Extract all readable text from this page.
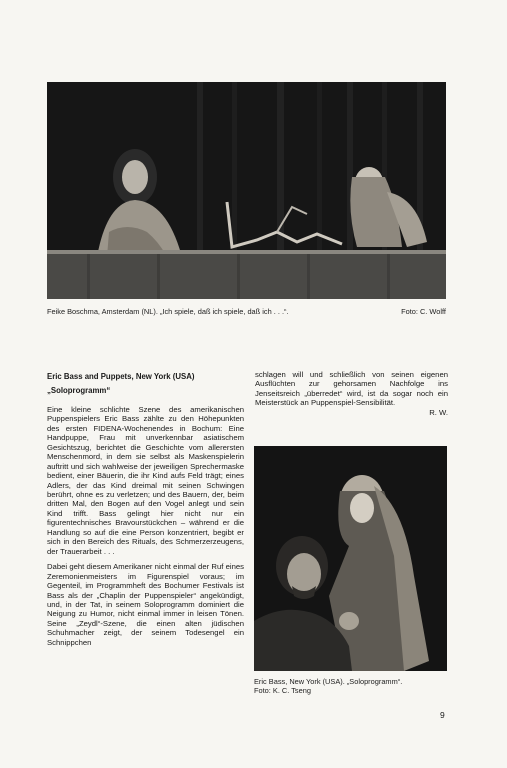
Feike Boschma, Amsterdam (NL). „Ich spiele, daß ich spiele, daß ich . . .“.	Foto: C. Wolff
Eric Bass and Puppets, New York (USA)
„Soloprogramm“

Eine kleine schlichte Szene des amerikanischen Puppenspielers Eric Bass zählte zu den Höhepunkten des ersten FIDENA-Wochenendes in Bochum: Eine Handpuppe, Frau mit unverkennbar asiatischem Gesichtszug, berichtet die Geschichte vom allerersten Menschenmord, in dem sie selbst als Maskenspielerin auftritt und sich wahlweise der jeweiligen Sprechermaske bedient, einer Bäuerin, die ihr Kind aufs Feld trägt; eines Adlers, der das Kind dreimal mit seinen Schwingen berührt, ohne es zu verletzen; und des Bauern, der, beim dritten Mal, den Bogen auf den Vogel anlegt und sein Kind trifft. Bass gelingt hier nicht nur ein figurentechnisches Bravourstückchen – während er die Handlung so auf die eine Person konzentriert, begibt er sich in den Bereich des Rituals, des Schmerzerzeugens, der Trauerarbeit . . .

Dabei geht diesem Amerikaner nicht einmal der Ruf eines Zeremonienmeisters im Figurenspiel voraus; im Gegenteil, im Programmheft des Bochumer Festivals ist Bass als der „Chaplin der Puppenspieler“ angekündigt, und, in der Tat, in seinem Soloprogramm dominiert die Neigung zu Humor, nicht einmal immer in leisen Tönen. Seine „Zeydl“-Szene, die einen alten jüdischen Schuhmacher zeigt, der seinem Todesengel ein Schnippchen

schlagen will und schließlich von seinen eigenen Ausflüchten zur gehorsamen Nachfolge ins Jenseitsreich „überredet“ wird, ist da sogar noch ein Meisterstück an Puppenspiel-Sensibilität.

R. W.
Eric Bass, New York (USA). „Soloprogramm“.
Foto: K. C. Tseng
9
